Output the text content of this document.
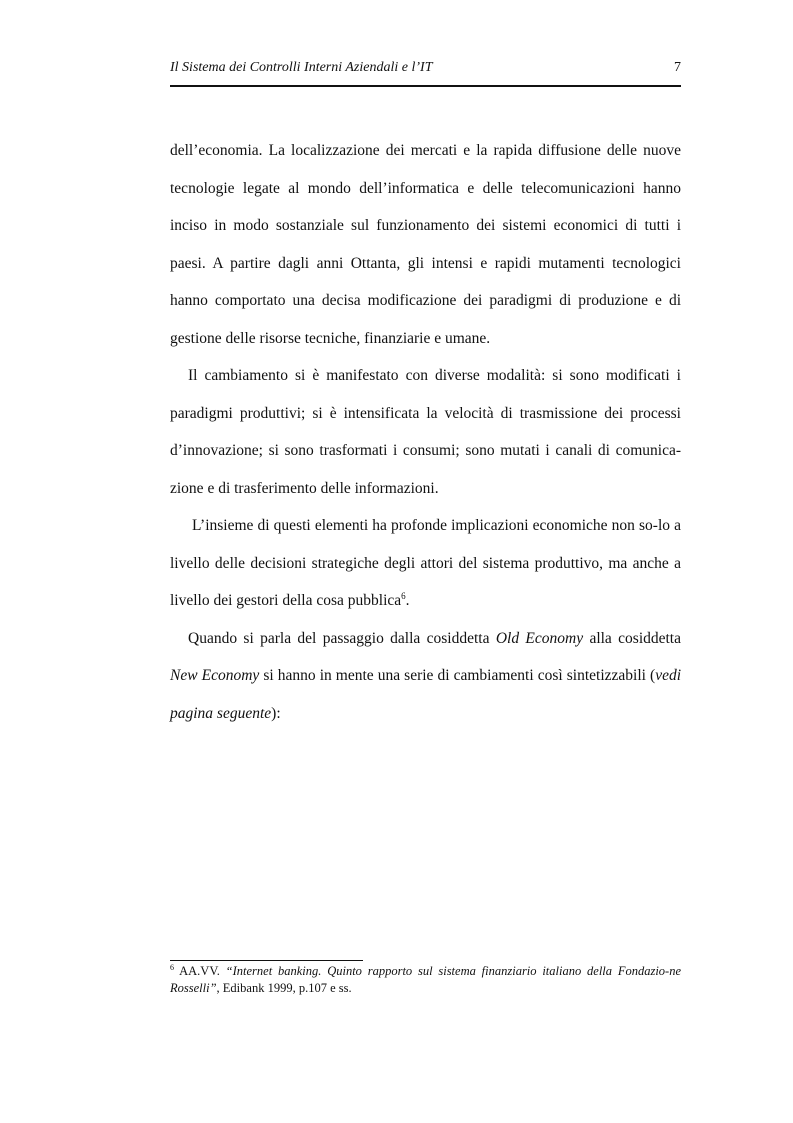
Il Sistema dei Controlli Interni Aziendali e l’IT	7

dell’economia. La localizzazione dei mercati e la rapida diffusione delle nuove tecnologie legate al mondo dell’informatica e delle telecomunicazioni hanno inciso in modo sostanziale sul funzionamento dei sistemi economici di tutti i paesi. A partire dagli anni Ottanta, gli intensi e rapidi mutamenti tecnologici hanno comportato una decisa modificazione dei paradigmi di produzione e di gestione delle risorse tecniche, finanziarie e umane.

Il cambiamento si è manifestato con diverse modalità: si sono modificati i paradigmi produttivi; si è intensificata la velocità di trasmissione dei processi d’innovazione; si sono trasformati i consumi; sono mutati i canali di comunica-zione e di trasferimento delle informazioni.

L’insieme di questi elementi ha profonde implicazioni economiche non so-lo a livello delle decisioni strategiche degli attori del sistema produttivo, ma anche a livello dei gestori della cosa pubblica$^6$.

Quando si parla del passaggio dalla cosiddetta Old Economy alla cosiddetta New Economy si hanno in mente una serie di cambiamenti così sintetizzabili (vedi pagina seguente):

$^6$ AA.VV. “Internet banking. Quinto rapporto sul sistema finanziario italiano della Fondazio-ne Rosselli”, Edibank 1999, p.107 e ss.
